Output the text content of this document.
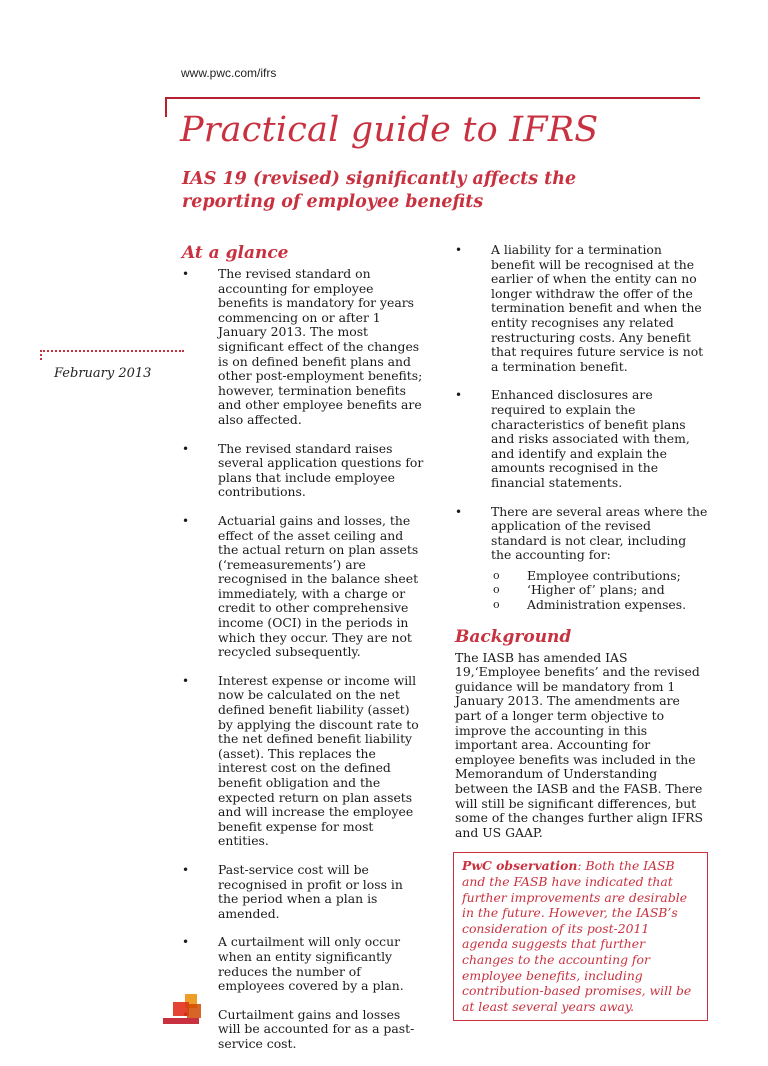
www.pwc.com/ifrs
Practical guide to IFRS
IAS 19 (revised) significantly affects the reporting of employee benefits
February 2013
At a glance
• The revised standard on accounting for employee benefits is mandatory for years commencing on or after 1 January 2013. The most significant effect of the changes is on defined benefit plans and other post-employment benefits; however, termination benefits and other employee benefits are also affected.
• The revised standard raises several application questions for plans that include employee contributions.
• Actuarial gains and losses, the effect of the asset ceiling and the actual return on plan assets (‘remeasurements’) are recognised in the balance sheet immediately, with a charge or credit to other comprehensive income (OCI) in the periods in which they occur. They are not recycled subsequently.
• Interest expense or income will now be calculated on the net defined benefit liability (asset) by applying the discount rate to the net defined benefit liability (asset). This replaces the interest cost on the defined benefit obligation and the expected return on plan assets and will increase the employee benefit expense for most entities.
• Past-service cost will be recognised in profit or loss in the period when a plan is amended.
• A curtailment will only occur when an entity significantly reduces the number of employees covered by a plan.
• Curtailment gains and losses will be accounted for as a past-service cost.
• A liability for a termination benefit will be recognised at the earlier of when the entity can no longer withdraw the offer of the termination benefit and when the entity recognises any related restructuring costs. Any benefit that requires future service is not a termination benefit.
• Enhanced disclosures are required to explain the characteristics of benefit plans and risks associated with them, and identify and explain the amounts recognised in the financial statements.
• There are several areas where the application of the revised standard is not clear, including the accounting for:
o Employee contributions;
o ‘Higher of’ plans; and
o Administration expenses.
Background

The IASB has amended IAS 19,‘Employee benefits’ and the revised guidance will be mandatory from 1 January 2013. The amendments are part of a longer term objective to improve the accounting in this important area. Accounting for employee benefits was included in the Memorandum of Understanding between the IASB and the FASB. There will still be significant differences, but some of the changes further align IFRS and US GAAP.

PwC observation: Both the IASB and the FASB have indicated that further improvements are desirable in the future. However, the IASB’s consideration of its post-2011 agenda suggests that further changes to the accounting for employee benefits, including contribution-based promises, will be at least several years away.
